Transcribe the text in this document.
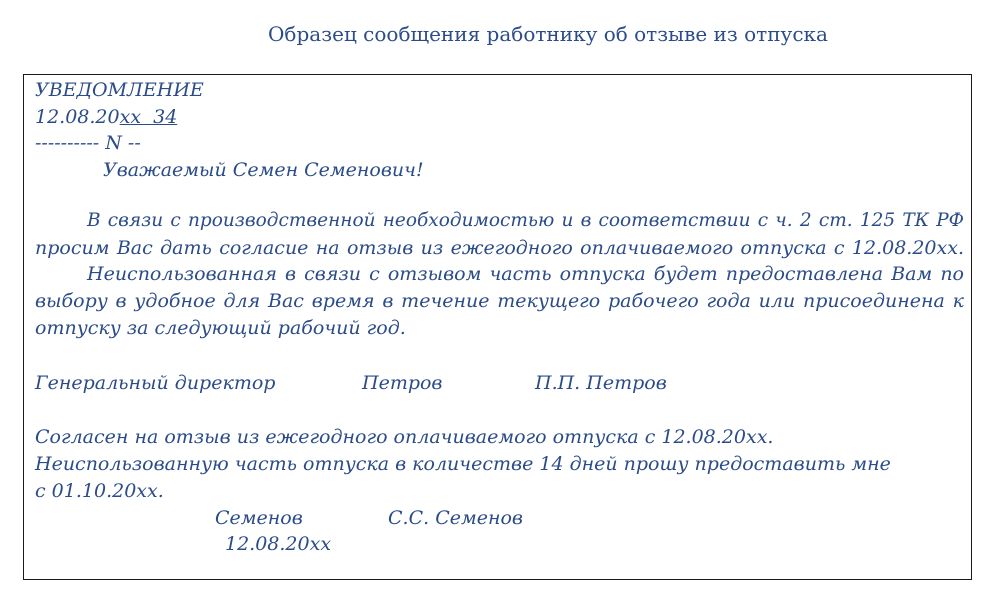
Образец сообщения работнику об отзыве из отпуска
УВЕДОМЛЕНИЕ
12.08.20xx  34
---------- N --
Уважаемый Семен Семенович!
В связи с производственной необходимостью и в соответствии с ч. 2 ст. 125 ТК РФ
просим Вас дать согласие на отзыв из ежегодного оплачиваемого отпуска с 12.08.20xx.
Неиспользованная в связи с отзывом часть отпуска будет предоставлена Вам по
выбору в удобное для Вас время в течение текущего рабочего года или присоединена к
отпуску за следующий рабочий год.
Генеральный директор	Петров	П.П. Петров
Согласен на отзыв из ежегодного оплачиваемого отпуска с 12.08.20xx.
Неиспользованную часть отпуска в количестве 14 дней прошу предоставить мне
с 01.10.20xx.
Семенов	С.С. Семенов
12.08.20xx
